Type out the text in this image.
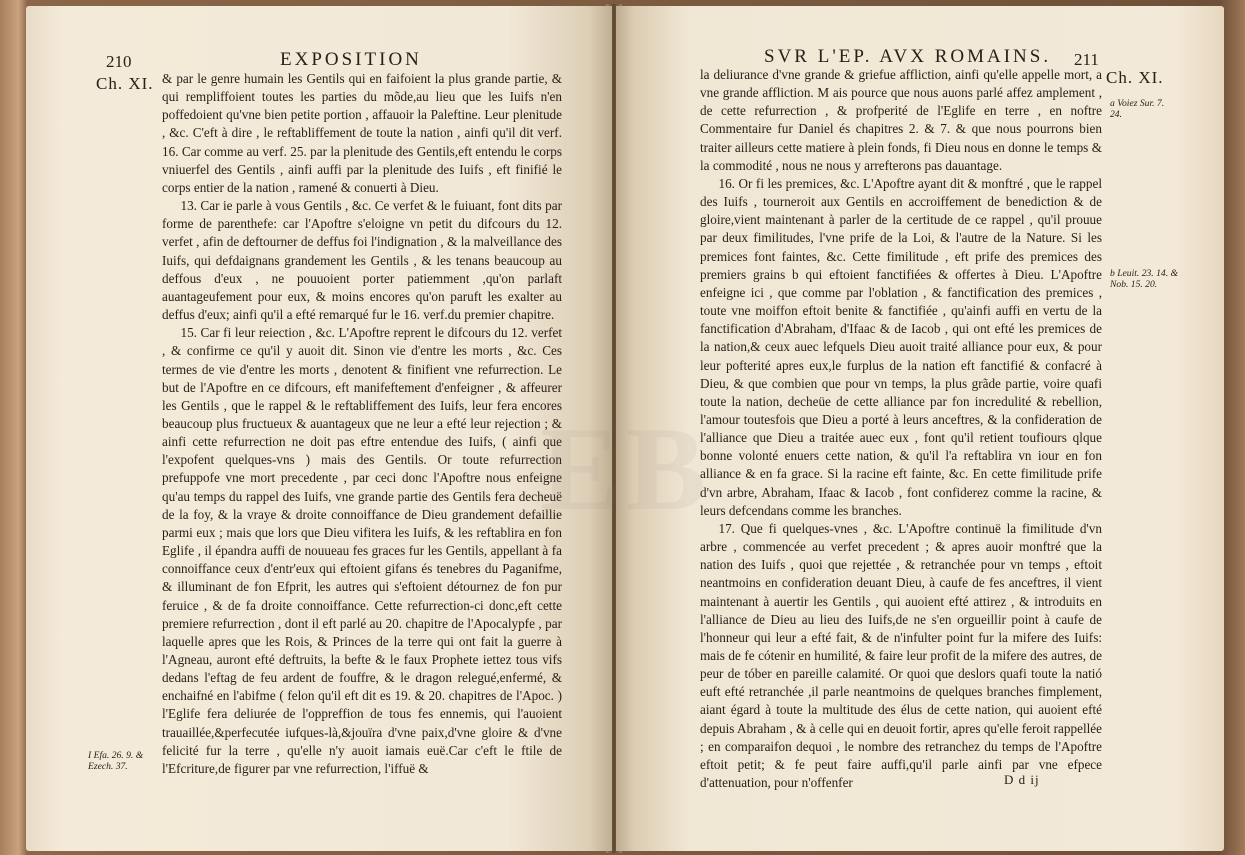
210	EXPOSITION
Ch. XI. & par le genre humain les Gentils qui en faifoient la plus grande partie, & qui rempliffoient toutes les parties du mõde,au lieu que les Iuifs n'en poffedoient qu'vne bien petite portion , affauoir la Paleftine. Leur plenitude , &c. C'eft à dire , le reftabliffement de toute la nation , ainfi qu'il dit verf. 16. Car comme au verf. 25. par la plenitude des Gentils,eft entendu le corps vniuerfel des Gentils , ainfi auffi par la plenitude des Iuifs , eft finifié le corps entier de la nation , ramené & conuerti à Dieu.

13. Car ie parle à vous Gentils , &c. Ce verfet & le fuiuant, font dits par forme de parenthefe: car l'Apoftre s'eloigne vn petit du difcours du 12. verfet , afin de deftourner de deffus foi l'indignation , & la malveillance des Iuifs, qui defdaignans grandement les Gentils , & les tenans beaucoup au deffous d'eux , ne pouuoient porter patiemment ,qu'on parlaft auantageufement pour eux, & moins encores qu'on paruft les exalter au deffus d'eux; ainfi qu'il a efté remarqué fur le 16. verf.du premier chapitre.

15. Car fi leur reiection , &c. L'Apoftre reprent le difcours du 12. verfet , & confirme ce qu'il y auoit dit. Sinon vie d'entre les morts , &c. Ces termes de vie d'entre les morts , denotent & finifient vne refurrection. Le but de l'Apoftre en ce difcours, eft manifeftement d'enfeigner , & affeurer les Gentils , que le rappel & le reftabliffement des Iuifs, leur fera encores beaucoup plus fructueux & auantageux que ne leur a efté leur rejection ; & ainfi cette refurrection ne doit pas eftre entendue des Iuifs, ( ainfi que l'expofent quelques-vns ) mais des Gentils. Or toute refurrection prefuppofe vne mort precedente , par ceci donc l'Apoftre nous enfeigne qu'au temps du rappel des Iuifs, vne grande partie des Gentils fera decheuë de la foy, & la vraye & droite connoiffance de Dieu grandement defaillie parmi eux ; mais que lors que Dieu vifitera les Iuifs, & les reftablira en fon Eglife , il épandra auffi de nouueau fes graces fur les Gentils, appellant à fa connoiffance ceux d'entr'eux qui eftoient gifans és tenebres du Paganifme, & illuminant de fon Efprit, les autres qui s'eftoient détournez de fon pur feruice , & de fa droite connoiffance. Cette refurrection-ci donc,eft cette premiere refurrection , dont il eft parlé au 20. chapitre de l'Apocalypfe , par laquelle apres que les Rois, & Princes de la terre qui ont fait la guerre à l'Agneau, auront efté deftruits, la befte & le faux Prophete iettez tous vifs dedans l'eftag de feu ardent de fouffre, & le dragon relegué,enfermé, & enchaifné en l'abifme ( felon qu'il eft dit es 19. & 20. chapitres de l'Apoc. ) l'Eglife fera deliurée de l'oppreffion de tous fes ennemis, qui l'auoient trauaillée,&perfecutée iufques-là,&jouïra d'vne paix,d'vne gloire & d'vne felicité fur la terre , qu'elle n'y auoit iamais euë.Car c'eft le ftile de l'Efcriture,de figurer par vne refurrection, l'iffuë &

I Efa. 26. 9. & Ezech. 37.
SVR L'EP. AVX ROMAINS. 211
Ch. XI.

la deliurance d'vne grande & griefue affliction, ainfi qu'elle appelle mort, a vne grande affliction. M ais pource que nous auons parlé affez amplement , de cette refurrection , & profperité de l'Eglife en terre , en noftre Commentaire fur Daniel és chapitres 2. & 7. & que nous pourrons bien traiter ailleurs cette matiere à plein fonds, fi Dieu nous en donne le temps & la commodité , nous ne nous y arrefterons pas dauantage.

16. Or fi les premices, &c. L'Apoftre ayant dit & monftré , que le rappel des Iuifs , tourneroit aux Gentils en accroiffement de benediction & de gloire,vient maintenant à parler de la certitude de ce rappel , qu'il prouue par deux fimilitudes, l'vne prife de la Loi, & l'autre de la Nature. Si les premices font faintes, &c. Cette fimilitude , eft prife des premices des premiers grains b qui eftoient fanctifiées & offertes à Dieu. L'Apoftre enfeigne ici , que comme par l'oblation , & fanctification des premices , toute vne moiffon eftoit benite & fanctifiée , qu'ainfi auffi en vertu de la fanctification d'Abraham, d'Ifaac & de Iacob , qui ont efté les premices de la nation,& ceux auec lefquels Dieu auoit traité alliance pour eux, & pour leur pofterité apres eux,le furplus de la nation eft fanctifié & confacré à Dieu, & que combien que pour vn temps, la plus grãde partie, voire quafi toute la nation, decheüe de cette alliance par fon incredulité & rebellion, l'amour toutesfois que Dieu a porté à leurs anceftres, & la confideration de l'alliance que Dieu a traitée auec eux , font qu'il retient toufiours qlque bonne volonté enuers cette nation, & qu'il l'a reftablira vn iour en fon alliance & en fa grace. Si la racine eft fainte, &c. En cette fimilitude prife d'vn arbre, Abraham, Ifaac & Iacob , font confiderez comme la racine, & leurs defcendans comme les branches.

17. Que fi quelques-vnes , &c. L'Apoftre continuë la fimilitude d'vn arbre , commencée au verfet precedent ; & apres auoir monftré que la nation des Iuifs , quoi que rejettée , & retranchée pour vn temps , eftoit neantmoins en confideration deuant Dieu, à caufe de fes anceftres, il vient maintenant à auertir les Gentils , qui auoient efté attirez , & introduits en l'alliance de Dieu au lieu des Iuifs,de ne s'en orgueillir point à caufe de l'honneur qui leur a efté fait, & de n'infulter point fur la mifere des Iuifs: mais de fe cótenir en humilité, & faire leur profit de la mifere des autres, de peur de tóber en pareille calamité. Or quoi que deslors quafi toute la natió euft efté retranchée ,il parle neantmoins de quelques branches fimplement, aiant égard à toute la multitude des élus de cette nation, qui auoient efté depuis Abraham , & à celle qui en deuoit fortir, apres qu'elle feroit rappellée ; en comparaifon dequoi , le nombre des retranchez du temps de l'Apoftre eftoit petit; & fe peut faire auffi,qu'il parle ainfi par vne efpece d'attenuation, pour n'offenfer

a Voiez Sur. 7. 24.
b Leuit. 23. 14. & Nob. 15. 20.
D d ij
EB
